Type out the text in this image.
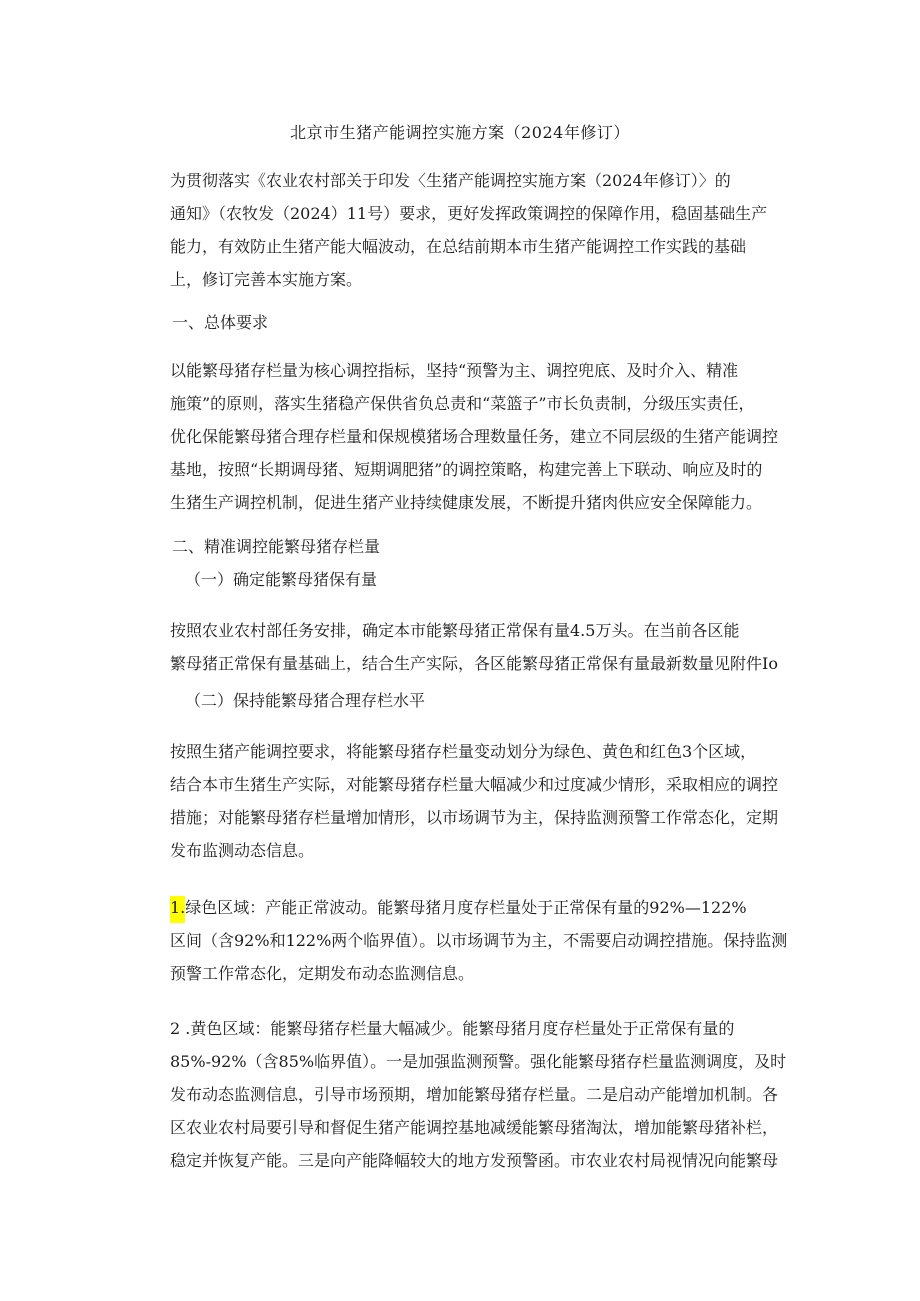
北京市生猪产能调控实施方案（2024年修订）
为贯彻落实《农业农村部关于印发〈生猪产能调控实施方案（2024年修订）〉的
通知》（农牧发（2024）11号）要求，更好发挥政策调控的保障作用，稳固基础生产
能力，有效防止生猪产能大幅波动，在总结前期本市生猪产能调控工作实践的基础
上，修订完善本实施方案。
一、总体要求
以能繁母猪存栏量为核心调控指标，坚持“预警为主、调控兜底、及时介入、精准
施策”的原则，落实生猪稳产保供省负总责和“菜篮子”市长负责制，分级压实责任，
优化保能繁母猪合理存栏量和保规模猪场合理数量任务，建立不同层级的生猪产能调控
基地，按照“长期调母猪、短期调肥猪”的调控策略，构建完善上下联动、响应及时的
生猪生产调控机制，促进生猪产业持续健康发展，不断提升猪肉供应安全保障能力。
二、精准调控能繁母猪存栏量
（一）确定能繁母猪保有量
按照农业农村部任务安排，确定本市能繁母猪正常保有量4.5万头。在当前各区能
繁母猪正常保有量基础上，结合生产实际，各区能繁母猪正常保有量最新数量见附件Io
（二）保持能繁母猪合理存栏水平
按照生猪产能调控要求，将能繁母猪存栏量变动划分为绿色、黄色和红色3个区域，
结合本市生猪生产实际，对能繁母猪存栏量大幅减少和过度减少情形，采取相应的调控
措施；对能繁母猪存栏量增加情形，以市场调节为主，保持监测预警工作常态化，定期
发布监测动态信息。
1.绿色区域：产能正常波动。能繁母猪月度存栏量处于正常保有量的92%—122%
区间（含92%和122%两个临界值）。以市场调节为主，不需要启动调控措施。保持监测
预警工作常态化，定期发布动态监测信息。
2 .黄色区域：能繁母猪存栏量大幅减少。能繁母猪月度存栏量处于正常保有量的
85%-92%（含85%临界值）。一是加强监测预警。强化能繁母猪存栏量监测调度，及时
发布动态监测信息，引导市场预期，增加能繁母猪存栏量。二是启动产能增加机制。各
区农业农村局要引导和督促生猪产能调控基地减缓能繁母猪淘汰，增加能繁母猪补栏，
稳定并恢复产能。三是向产能降幅较大的地方发预警函。市农业农村局视情况向能繁母
